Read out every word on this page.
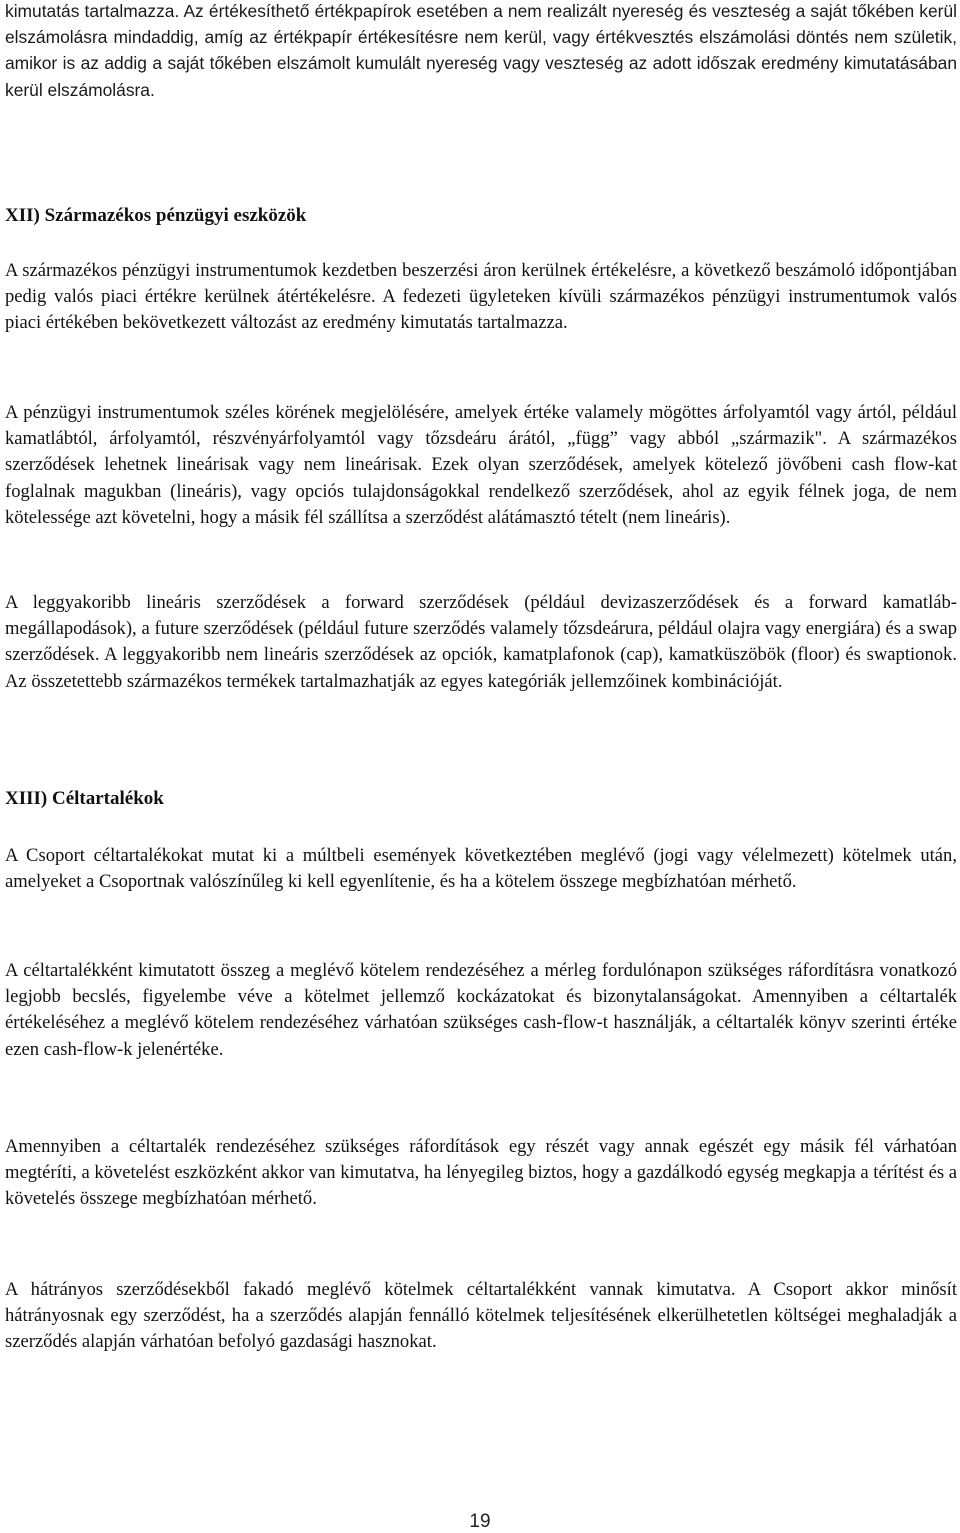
kimutatás tartalmazza. Az értékesíthető értékpapírok esetében a nem realizált nyereség és veszteség a saját tőkében kerül elszámolásra mindaddig, amíg az értékpapír értékesítésre nem kerül, vagy értékvesztés elszámolási döntés nem születik, amikor is az addig a saját tőkében elszámolt kumulált nyereség vagy veszteség az adott időszak eredmény kimutatásában kerül elszámolásra.

XII) Származékos pénzügyi eszközök

A származékos pénzügyi instrumentumok kezdetben beszerzési áron kerülnek értékelésre, a következő beszámoló időpontjában pedig valós piaci értékre kerülnek átértékelésre. A fedezeti ügyleteken kívüli származékos pénzügyi instrumentumok valós piaci értékében bekövetkezett változást az eredmény kimutatás tartalmazza.

A pénzügyi instrumentumok széles körének megjelölésére, amelyek értéke valamely mögöttes árfolyamtól vagy ártól, például kamatlábtól, árfolyamtól, részvényárfolyamtól vagy tőzsdeáru árától, „függ” vagy abból „származik". A származékos szerződések lehetnek lineárisak vagy nem lineárisak. Ezek olyan szerződések, amelyek kötelező jövőbeni cash flow-kat foglalnak magukban (lineáris), vagy opciós tulajdonságokkal rendelkező szerződések, ahol az egyik félnek joga, de nem kötelessége azt követelni, hogy a másik fél szállítsa a szerződést alátámasztó tételt (nem lineáris).

A leggyakoribb lineáris szerződések a forward szerződések (például devizaszerződések és a forward kamatláb-megállapodások), a future szerződések (például future szerződés valamely tőzsdeárura, például olajra vagy energiára) és a swap szerződések. A leggyakoribb nem lineáris szerződések az opciók, kamatplafonok (cap), kamatküszöbök (floor) és swaptionok. Az összetettebb származékos termékek tartalmazhatják az egyes kategóriák jellemzőinek kombinációját.

XIII) Céltartalékok

A Csoport céltartalékokat mutat ki a múltbeli események következtében meglévő (jogi vagy vélelmezett) kötelmek után, amelyeket a Csoportnak valószínűleg ki kell egyenlítenie, és ha a kötelem összege megbízhatóan mérhető.

A céltartalékként kimutatott összeg a meglévő kötelem rendezéséhez a mérleg fordulónapon szükséges ráfordításra vonatkozó legjobb becslés, figyelembe véve a kötelmet jellemző kockázatokat és bizonytalanságokat. Amennyiben a céltartalék értékeléséhez a meglévő kötelem rendezéséhez várhatóan szükséges cash-flow-t használják, a céltartalék könyv szerinti értéke ezen cash-flow-k jelenértéke.

Amennyiben a céltartalék rendezéséhez szükséges ráfordítások egy részét vagy annak egészét egy másik fél várhatóan megtéríti, a követelést eszközként akkor van kimutatva, ha lényegileg biztos, hogy a gazdálkodó egység megkapja a térítést és a követelés összege megbízhatóan mérhető.

A hátrányos szerződésekből fakadó meglévő kötelmek céltartalékként vannak kimutatva. A Csoport akkor minősít hátrányosnak egy szerződést, ha a szerződés alapján fennálló kötelmek teljesítésének elkerülhetetlen költségei meghaladják a szerződés alapján várhatóan befolyó gazdasági hasznokat.

19
